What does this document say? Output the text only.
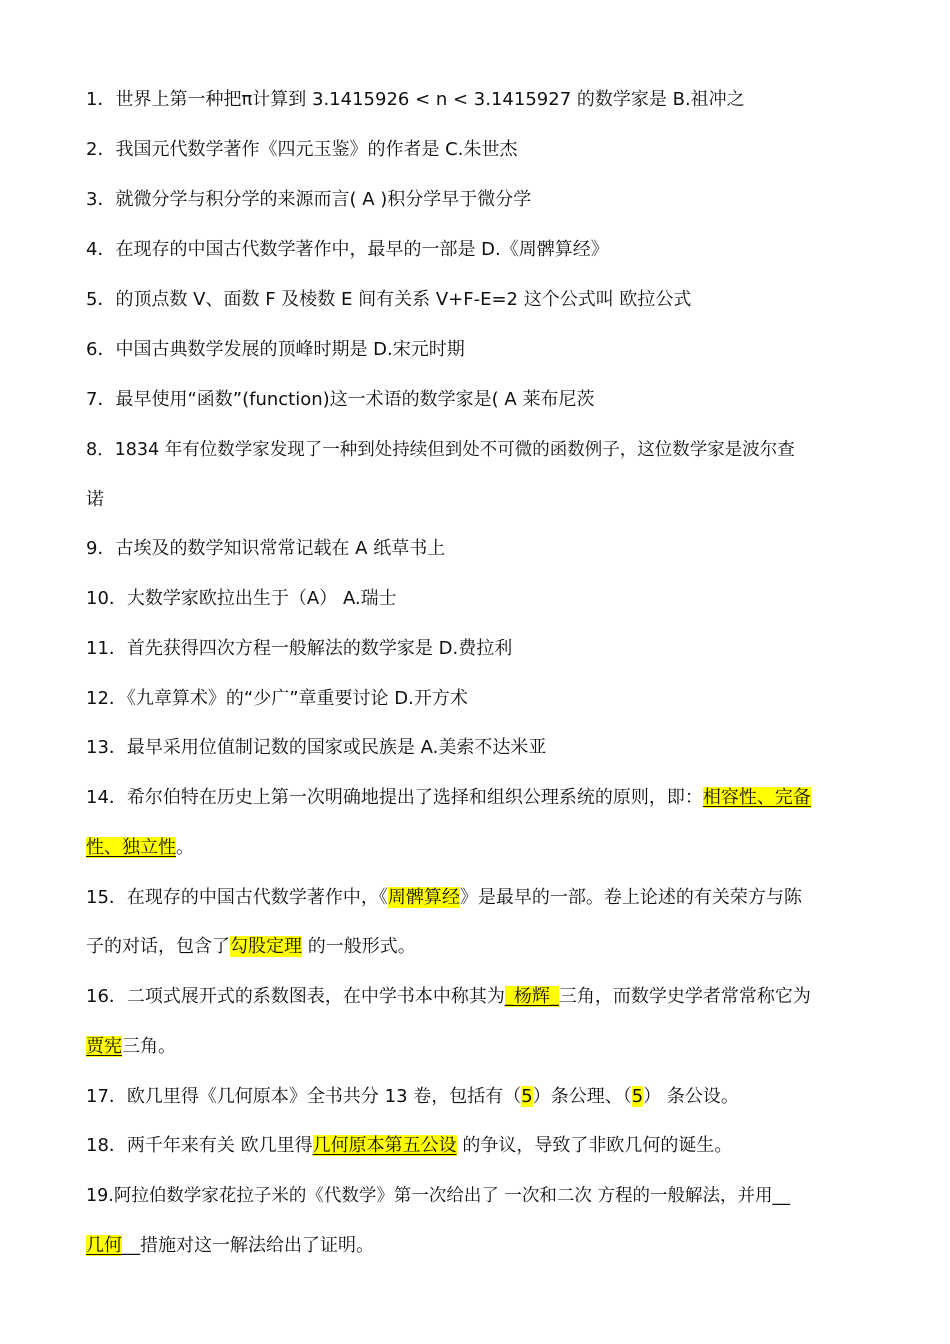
1．世界上第一种把π计算到 3.1415926 < n < 3.1415927 的数学家是 B.祖冲之
2．我国元代数学著作《四元玉鉴》的作者是 C.朱世杰
3．就微分学与积分学的来源而言( A )积分学早于微分学
4．在现存的中国古代数学著作中，最早的一部是 D.《周髀算经》
5．的顶点数 V、面数 F 及棱数 E 间有关系 V+F-E=2 这个公式叫 欧拉公式
6．中国古典数学发展的顶峰时期是 D.宋元时期
7．最早使用“函数”(function)这一术语的数学家是( A 莱布尼茨
8．1834 年有位数学家发现了一种到处持续但到处不可微的函数例子，这位数学家是波尔查
诺
9．古埃及的数学知识常常记载在 A 纸草书上
10．大数学家欧拉出生于（A） A.瑞士
11．首先获得四次方程一般解法的数学家是 D.费拉利
12．《九章算术》的“少广”章重要讨论 D.开方术
13．最早采用位值制记数的国家或民族是 A.美索不达米亚
14．希尔伯特在历史上第一次明确地提出了选择和组织公理系统的原则，即：相容性、完备
性、独立性。
15．在现存的中国古代数学著作中，《周髀算经》是最早的一部。卷上论述的有关荣方与陈
子的对话，包含了勾股定理 的一般形式。
16．二项式展开式的系数图表，在中学书本中称其为_杨辉_三角，而数学史学者常常称它为
贾宪三角。
17．欧几里得《几何原本》全书共分 13 卷，包括有（5）条公理、（5） 条公设。
18．两千年来有关 欧几里得几何原本第五公设 的争议，导致了非欧几何的诞生。
19.阿拉伯数学家花拉子米的《代数学》第一次给出了 一次和二次 方程的一般解法，并用__
几何__措施对这一解法给出了证明。
